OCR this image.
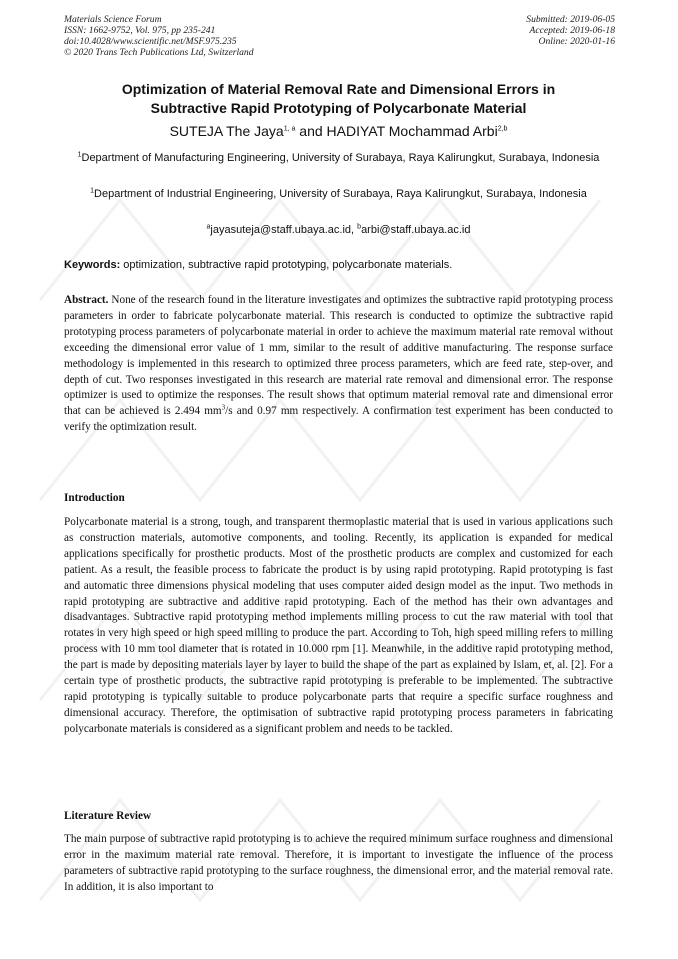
Materials Science Forum
ISSN: 1662-9752, Vol. 975, pp 235-241
doi:10.4028/www.scientific.net/MSF.975.235
© 2020 Trans Tech Publications Ltd, Switzerland
Submitted: 2019-06-05
Accepted: 2019-06-18
Online: 2020-01-16
Optimization of Material Removal Rate and Dimensional Errors in
Subtractive Rapid Prototyping of Polycarbonate Material
SUTEJA The Jaya$^{1, a}$ and HADIYAT Mochammad Arbi$^{2,b}$
$^1$Department of Manufacturing Engineering, University of Surabaya, Raya Kalirungkut, Surabaya, Indonesia
$^1$Department of Industrial Engineering, University of Surabaya, Raya Kalirungkut, Surabaya, Indonesia
$^a$jayasuteja@staff.ubaya.ac.id, $^b$arbi@staff.ubaya.ac.id
Keywords: optimization, subtractive rapid prototyping, polycarbonate materials.
Abstract. None of the research found in the literature investigates and optimizes the subtractive rapid prototyping process parameters in order to fabricate polycarbonate material. This research is conducted to optimize the subtractive rapid prototyping process parameters of polycarbonate material in order to achieve the maximum material rate removal without exceeding the dimensional error value of 1 mm, similar to the result of additive manufacturing. The response surface methodology is implemented in this research to optimized three process parameters, which are feed rate, step-over, and depth of cut. Two responses investigated in this research are material rate removal and dimensional error. The response optimizer is used to optimize the responses. The result shows that optimum material removal rate and dimensional error that can be achieved is 2.494 $mm^3/s$ and 0.97 mm respectively. A confirmation test experiment has been conducted to verify the optimization result.
Introduction
Polycarbonate material is a strong, tough, and transparent thermoplastic material that is used in various applications such as construction materials, automotive components, and tooling. Recently, its application is expanded for medical applications specifically for prosthetic products. Most of the prosthetic products are complex and customized for each patient. As a result, the feasible process to fabricate the product is by using rapid prototyping. Rapid prototyping is fast and automatic three dimensions physical modeling that uses computer aided design model as the input. Two methods in rapid prototyping are subtractive and additive rapid prototyping. Each of the method has their own advantages and disadvantages. Subtractive rapid prototyping method implements milling process to cut the raw material with tool that rotates in very high speed or high speed milling to produce the part. According to Toh, high speed milling refers to milling process with 10 mm tool diameter that is rotated in 10.000 rpm [1]. Meanwhile, in the additive rapid prototyping method, the part is made by depositing materials layer by layer to build the shape of the part as explained by Islam, et, al. [2]. For a certain type of prosthetic products, the subtractive rapid prototyping is preferable to be implemented. The subtractive rapid prototyping is typically suitable to produce polycarbonate parts that require a specific surface roughness and dimensional accuracy. Therefore, the optimisation of subtractive rapid prototyping process parameters in fabricating polycarbonate materials is considered as a significant problem and needs to be tackled.
Literature Review
The main purpose of subtractive rapid prototyping is to achieve the required minimum surface roughness and dimensional error in the maximum material rate removal. Therefore, it is important to investigate the influence of the process parameters of subtractive rapid prototyping to the surface roughness, the dimensional error, and the material removal rate. In addition, it is also important to
